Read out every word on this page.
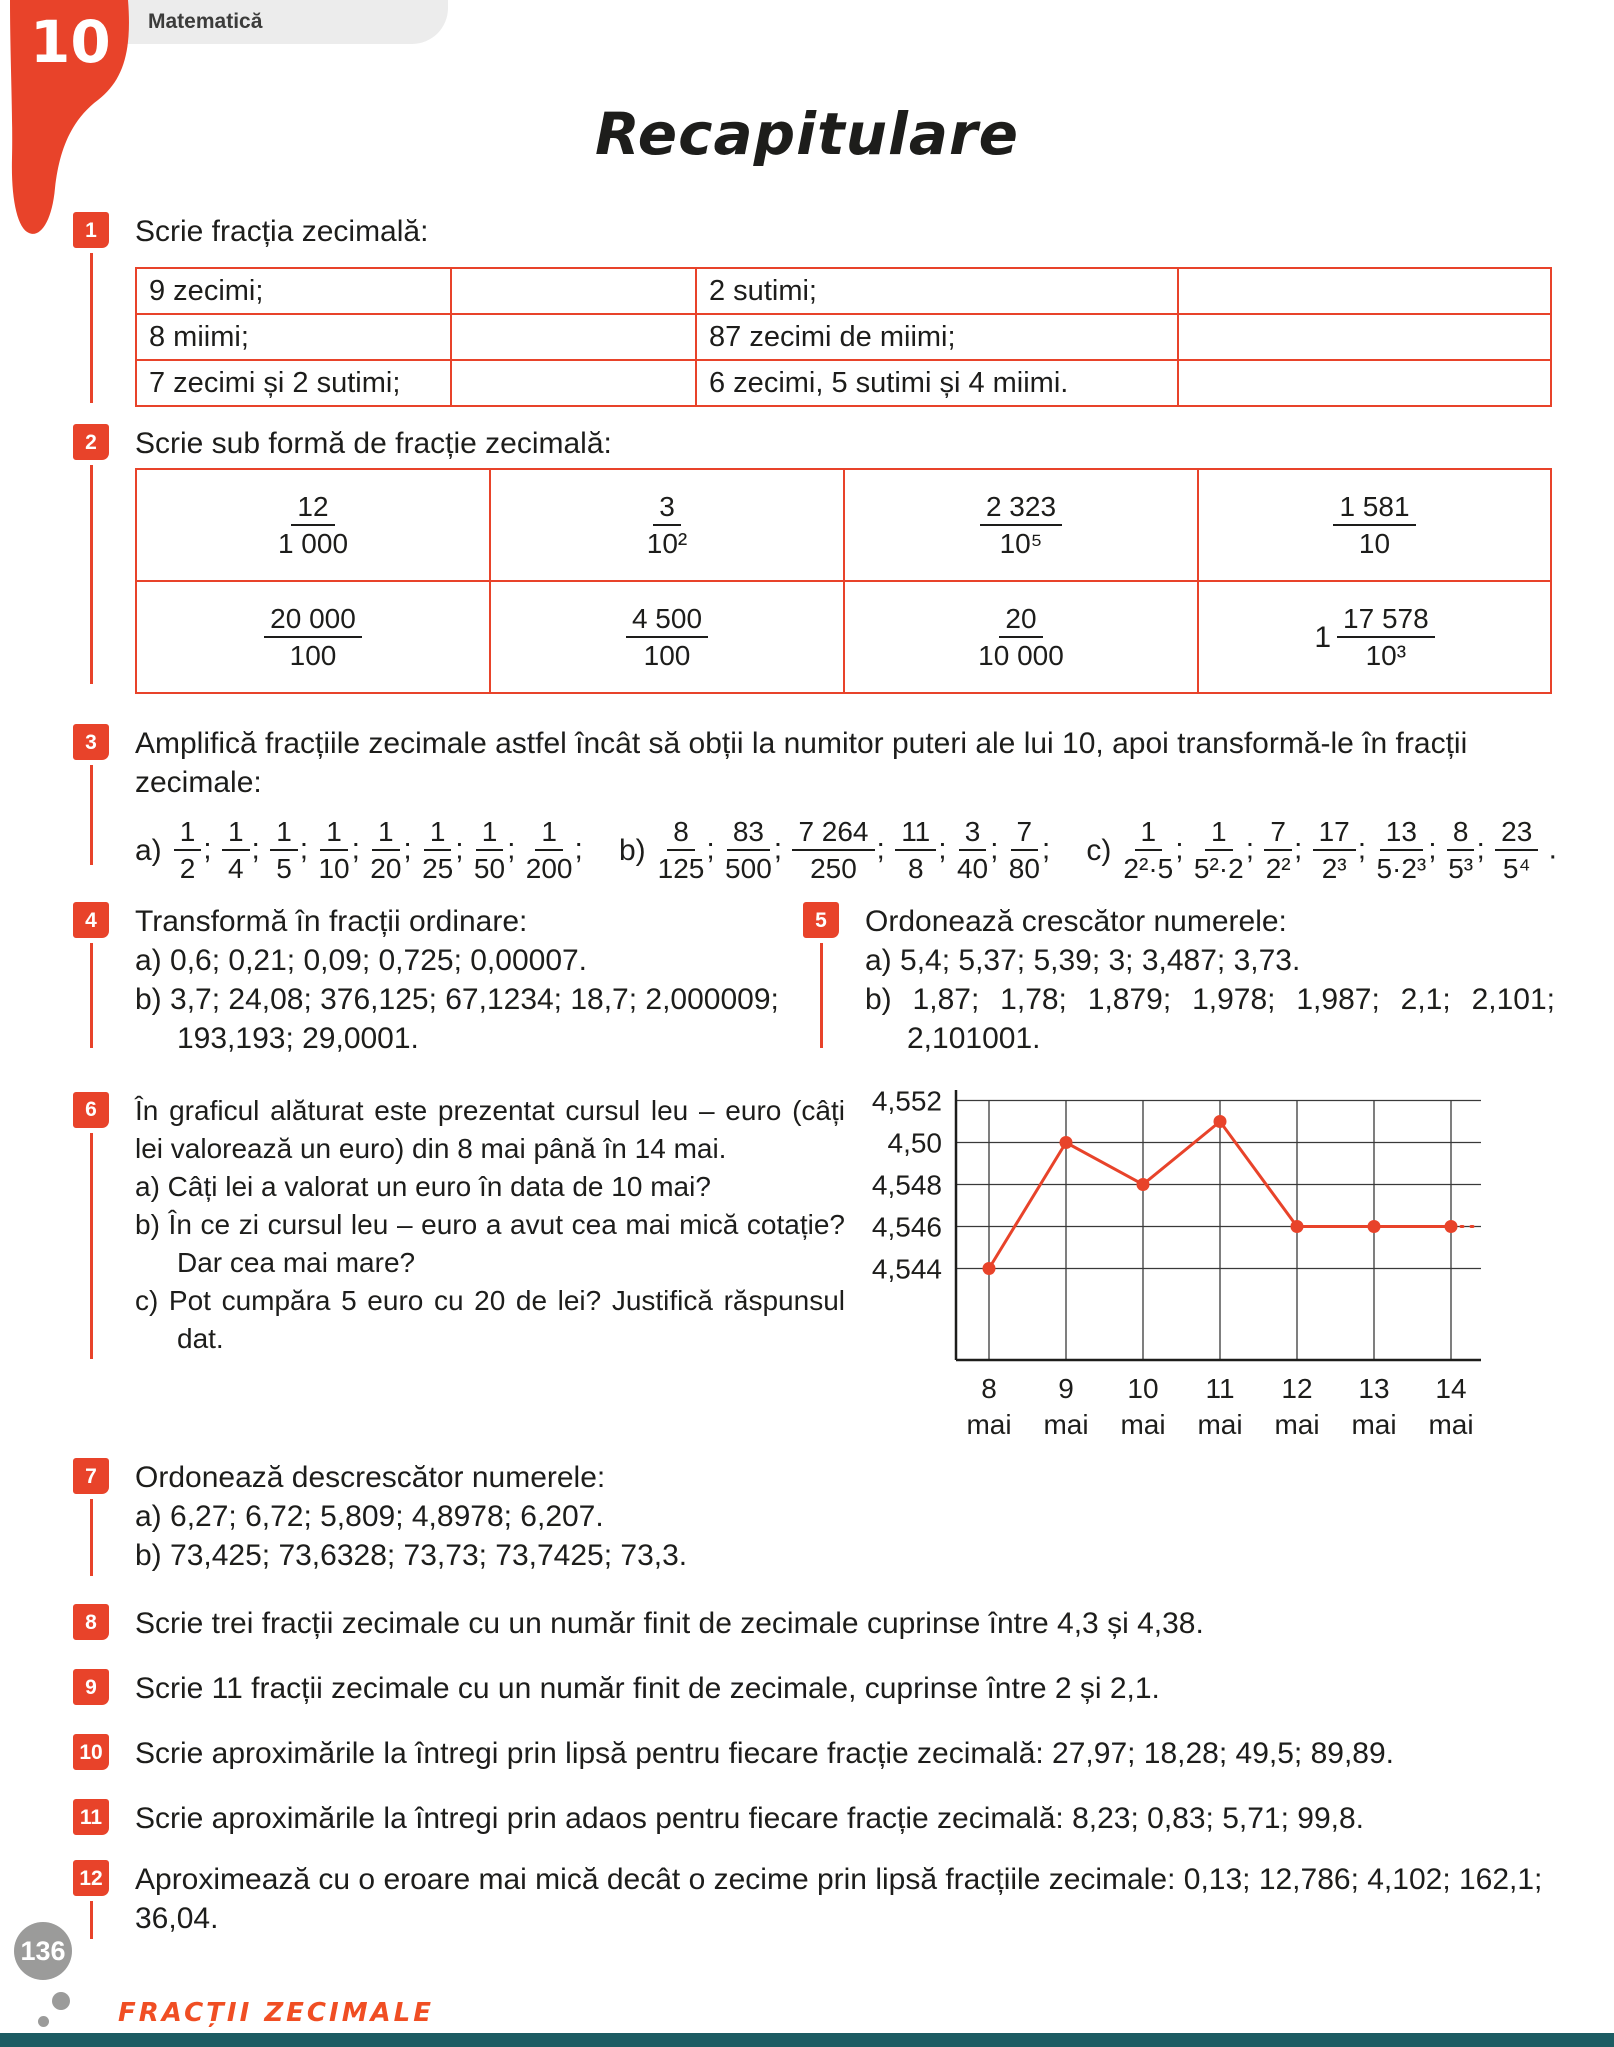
Matematică
10
Recapitulare
1	Scrie fracția zecimală:

9 zecimi;		2 sutimi;	
8 miimi;		87 zecimi de miimi;	
7 zecimi și 2 sutimi;		6 zecimi, 5 sutimi și 4 miimi.	
2	Scrie sub formă de fracție zecimală:

$\frac{12}{1 000}$	$\frac{3}{\text{10²}}$	$\frac{2 323}{\text{10⁵}}$	$\frac{1 581}{10}$

$\frac{20 000}{100}$	$\frac{4 500}{100}$	$\frac{20}{10 000}$	$1 \frac{17 578}{\text{10³}}$
3	Amplifică fracțiile zecimale astfel încât să obții la numitor puteri ale lui 10, apoi transformă-le în fracții zecimale:

$a) \frac{1}{2}$ ; $\frac{1}{4}$ ; $\frac{1}{5}$ ; $\frac{1}{10}$ ; $\frac{1}{20}$ ; $\frac{1}{25}$ ; $\frac{1}{50}$ ; $\frac{1}{200}$ ; $b) \frac{8}{125}$ ; $\frac{83}{500}$ ; $\frac{7 264}{250}$ ; $\frac{11}{8}$ ; $\frac{3}{40}$ ; $\frac{7}{80}$ ; $c) \frac{1}{\text{2²·5}}$ ; $\frac{1}{\text{5²·2}}$ ; $\frac{7}{\text{2²}}$ ; $\frac{17}{\text{2³}}$ ; $\frac{13}{\text{5·2³}}$ ; $\frac{8}{\text{5³}}$ ; $\frac{23}{\text{5⁴}}$ .
4	Transformă în fracții ordinare:

a) 0,6; 0,21; 0,09; 0,725; 0,00007.

b) 3,7; 24,08; 376,125; 67,1234; 18,7; 2,000009; 193,193; 29,0001.

5	Ordonează crescător numerele:

a) 5,4; 5,37; 5,39; 3; 3,487; 3,73.

b) 1,87; 1,78; 1,879; 1,978; 1,987; 2,1; 2,101; 2,101001.

6	În graficul alăturat este prezentat cursul leu – euro (câți lei valorează un euro) din 8 mai până în 14 mai.

a) Câți lei a valorat un euro în data de 10 mai?

b) În ce zi cursul leu – euro a avut cea mai mică cotație? Dar cea mai mare?

c) Pot cumpăra 5 euro cu 20 de lei? Justifică răspunsul dat.

4,552
4,50
4,548
4,546
4,544
8
mai
9
mai
10
mai
11
mai
12
mai
13
mai
14
mai
7	Ordonează descrescător numerele:

a) 6,27; 6,72; 5,809; 4,8978; 6,207.

b) 73,425; 73,6328; 73,73; 73,7425; 73,3.

8	Scrie trei fracții zecimale cu un număr finit de zecimale cuprinse între 4,3 și 4,38.

9	Scrie 11 fracții zecimale cu un număr finit de zecimale, cuprinse între 2 și 2,1.

10 Scrie aproximările la întregi prin lipsă pentru fiecare fracție zecimală: 27,97; 18,28; 49,5; 89,89.

11 Scrie aproximările la întregi prin adaos pentru fiecare fracție zecimală: 8,23; 0,83; 5,71; 99,8.

12 Aproximează cu o eroare mai mică decât o zecime prin lipsă fracțiile zecimale: 0,13; 12,786; 4,102; 162,1; 36,04.

136
FRACȚII ZECIMALE
